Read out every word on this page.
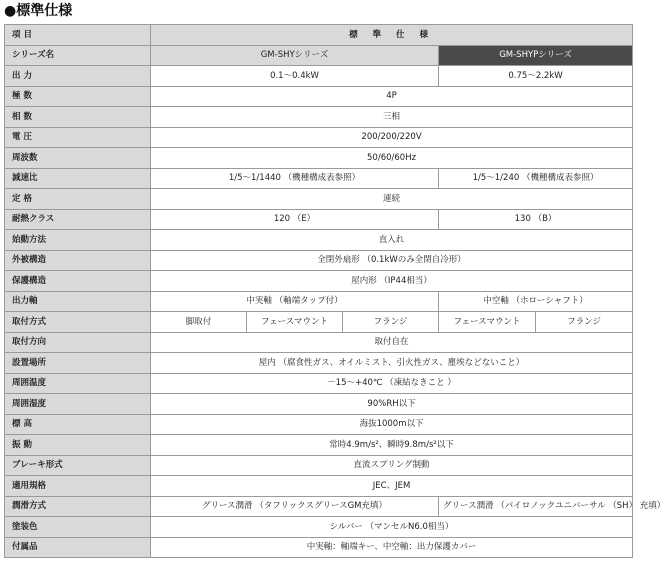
●標準仕様
項 目	標 準 仕 様				
シリーズ名	GM-SHYシリーズ			GM-SHYPシリーズ	
出 力	0.1～0.4kW			0.75～2.2kW	
極 数	4P				
相 数	三相				
電 圧	200/200/220V				
周波数	50/60/60Hz				
減速比	1/5～1/1440 （機種構成表参照）			1/5～1/240 （機種構成表参照）	
定 格	連続				
耐熱クラス	120 （E）			130 （B）	
始動方法	直入れ				
外被構造	全閉外扇形 （0.1kWのみ全閉自冷形）				
保護構造	屋内形 （IP44相当）				
出力軸	中実軸 （軸端タップ付）			中空軸 （ホローシャフト）	
取付方式	脚取付	フェースマウント	フランジ	フェースマウント	フランジ
取付方向	取付自在				
設置場所	屋内 （腐食性ガス、オイルミスト、引火性ガス、塵埃などないこと）				
周囲温度	－15～+40℃ （凍結なきこと ）				
周囲湿度	90%RH以下				
標 高	海抜1000m以下				
振 動	常時4.9m/s²、瞬時9.8m/s²以下				
ブレーキ形式	直流スプリング制動				
適用規格	JEC、JEM				
潤滑方式	グリース潤滑 （タフリックスグリースGM充填）			グリース潤滑 （パイロノックユニバーサル （SH） 充填）	
塗装色	シルバー （マンセルN6.0相当）				
付属品	中実軸：軸端キー、中空軸：出力保護カバー				
